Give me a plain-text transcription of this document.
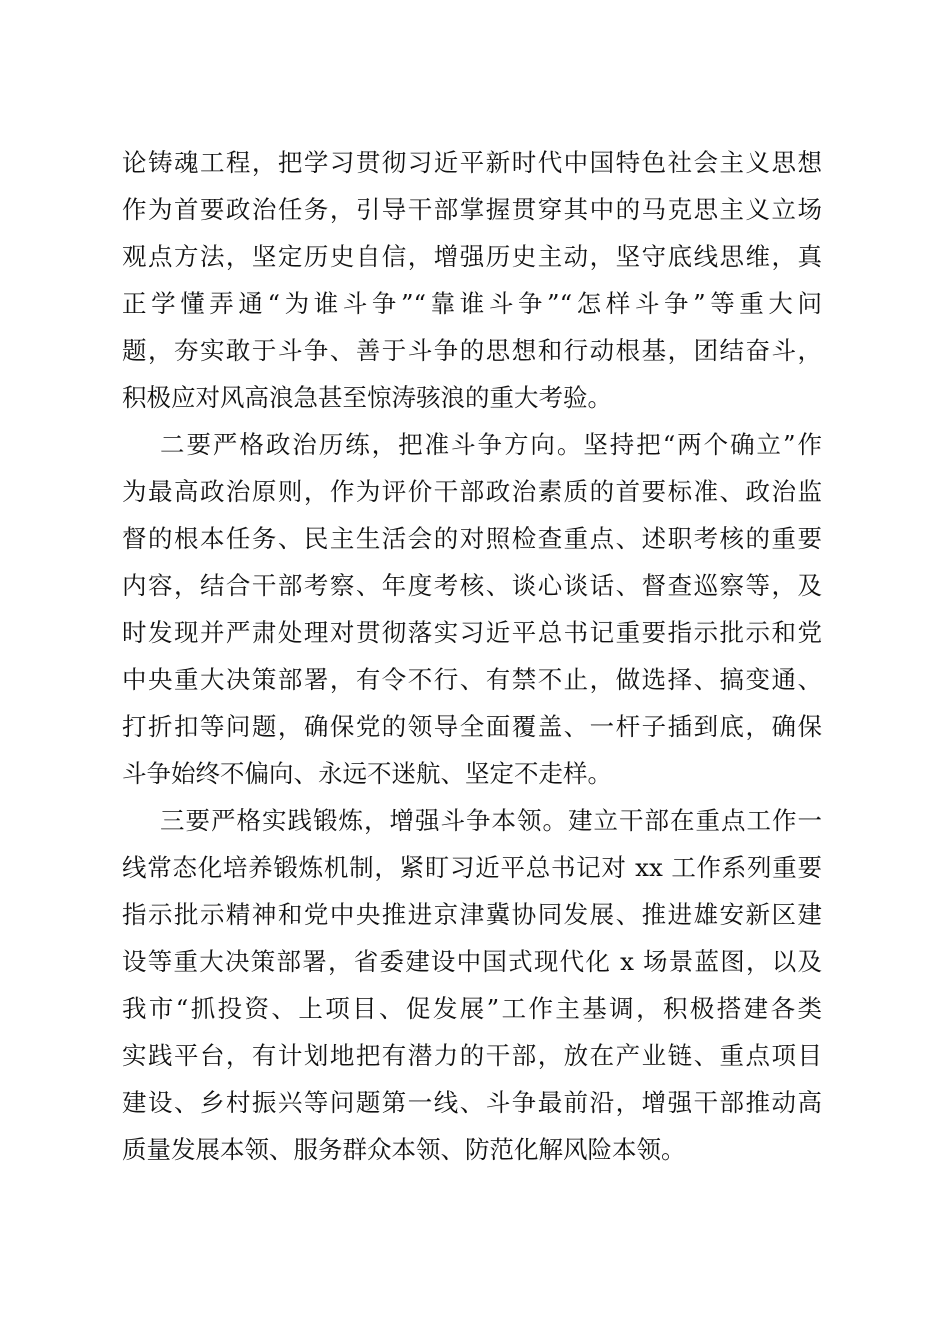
论铸魂工程，把学习贯彻习近平新时代中国特色社会主义思想
作为首要政治任务，引导干部掌握贯穿其中的马克思主义立场
观点方法，坚定历史自信，增强历史主动，坚守底线思维，真
正学懂弄通“为谁斗争”“靠谁斗争”“怎样斗争”等重大问
题，夯实敢于斗争、善于斗争的思想和行动根基，团结奋斗，
积极应对风高浪急甚至惊涛骇浪的重大考验。
二要严格政治历练，把准斗争方向。坚持把“两个确立”作
为最高政治原则，作为评价干部政治素质的首要标准、政治监
督的根本任务、民主生活会的对照检查重点、述职考核的重要
内容，结合干部考察、年度考核、谈心谈话、督查巡察等，及
时发现并严肃处理对贯彻落实习近平总书记重要指示批示和党
中央重大决策部署，有令不行、有禁不止，做选择、搞变通、
打折扣等问题，确保党的领导全面覆盖、一杆子插到底，确保
斗争始终不偏向、永远不迷航、坚定不走样。
三要严格实践锻炼，增强斗争本领。建立干部在重点工作一
线常态化培养锻炼机制，紧盯习近平总书记对 xx 工作系列重要
指示批示精神和党中央推进京津冀协同发展、推进雄安新区建
设等重大决策部署，省委建设中国式现代化 x 场景蓝图，以及
我市“抓投资、上项目、促发展”工作主基调，积极搭建各类
实践平台，有计划地把有潜力的干部，放在产业链、重点项目
建设、乡村振兴等问题第一线、斗争最前沿，增强干部推动高
质量发展本领、服务群众本领、防范化解风险本领。
